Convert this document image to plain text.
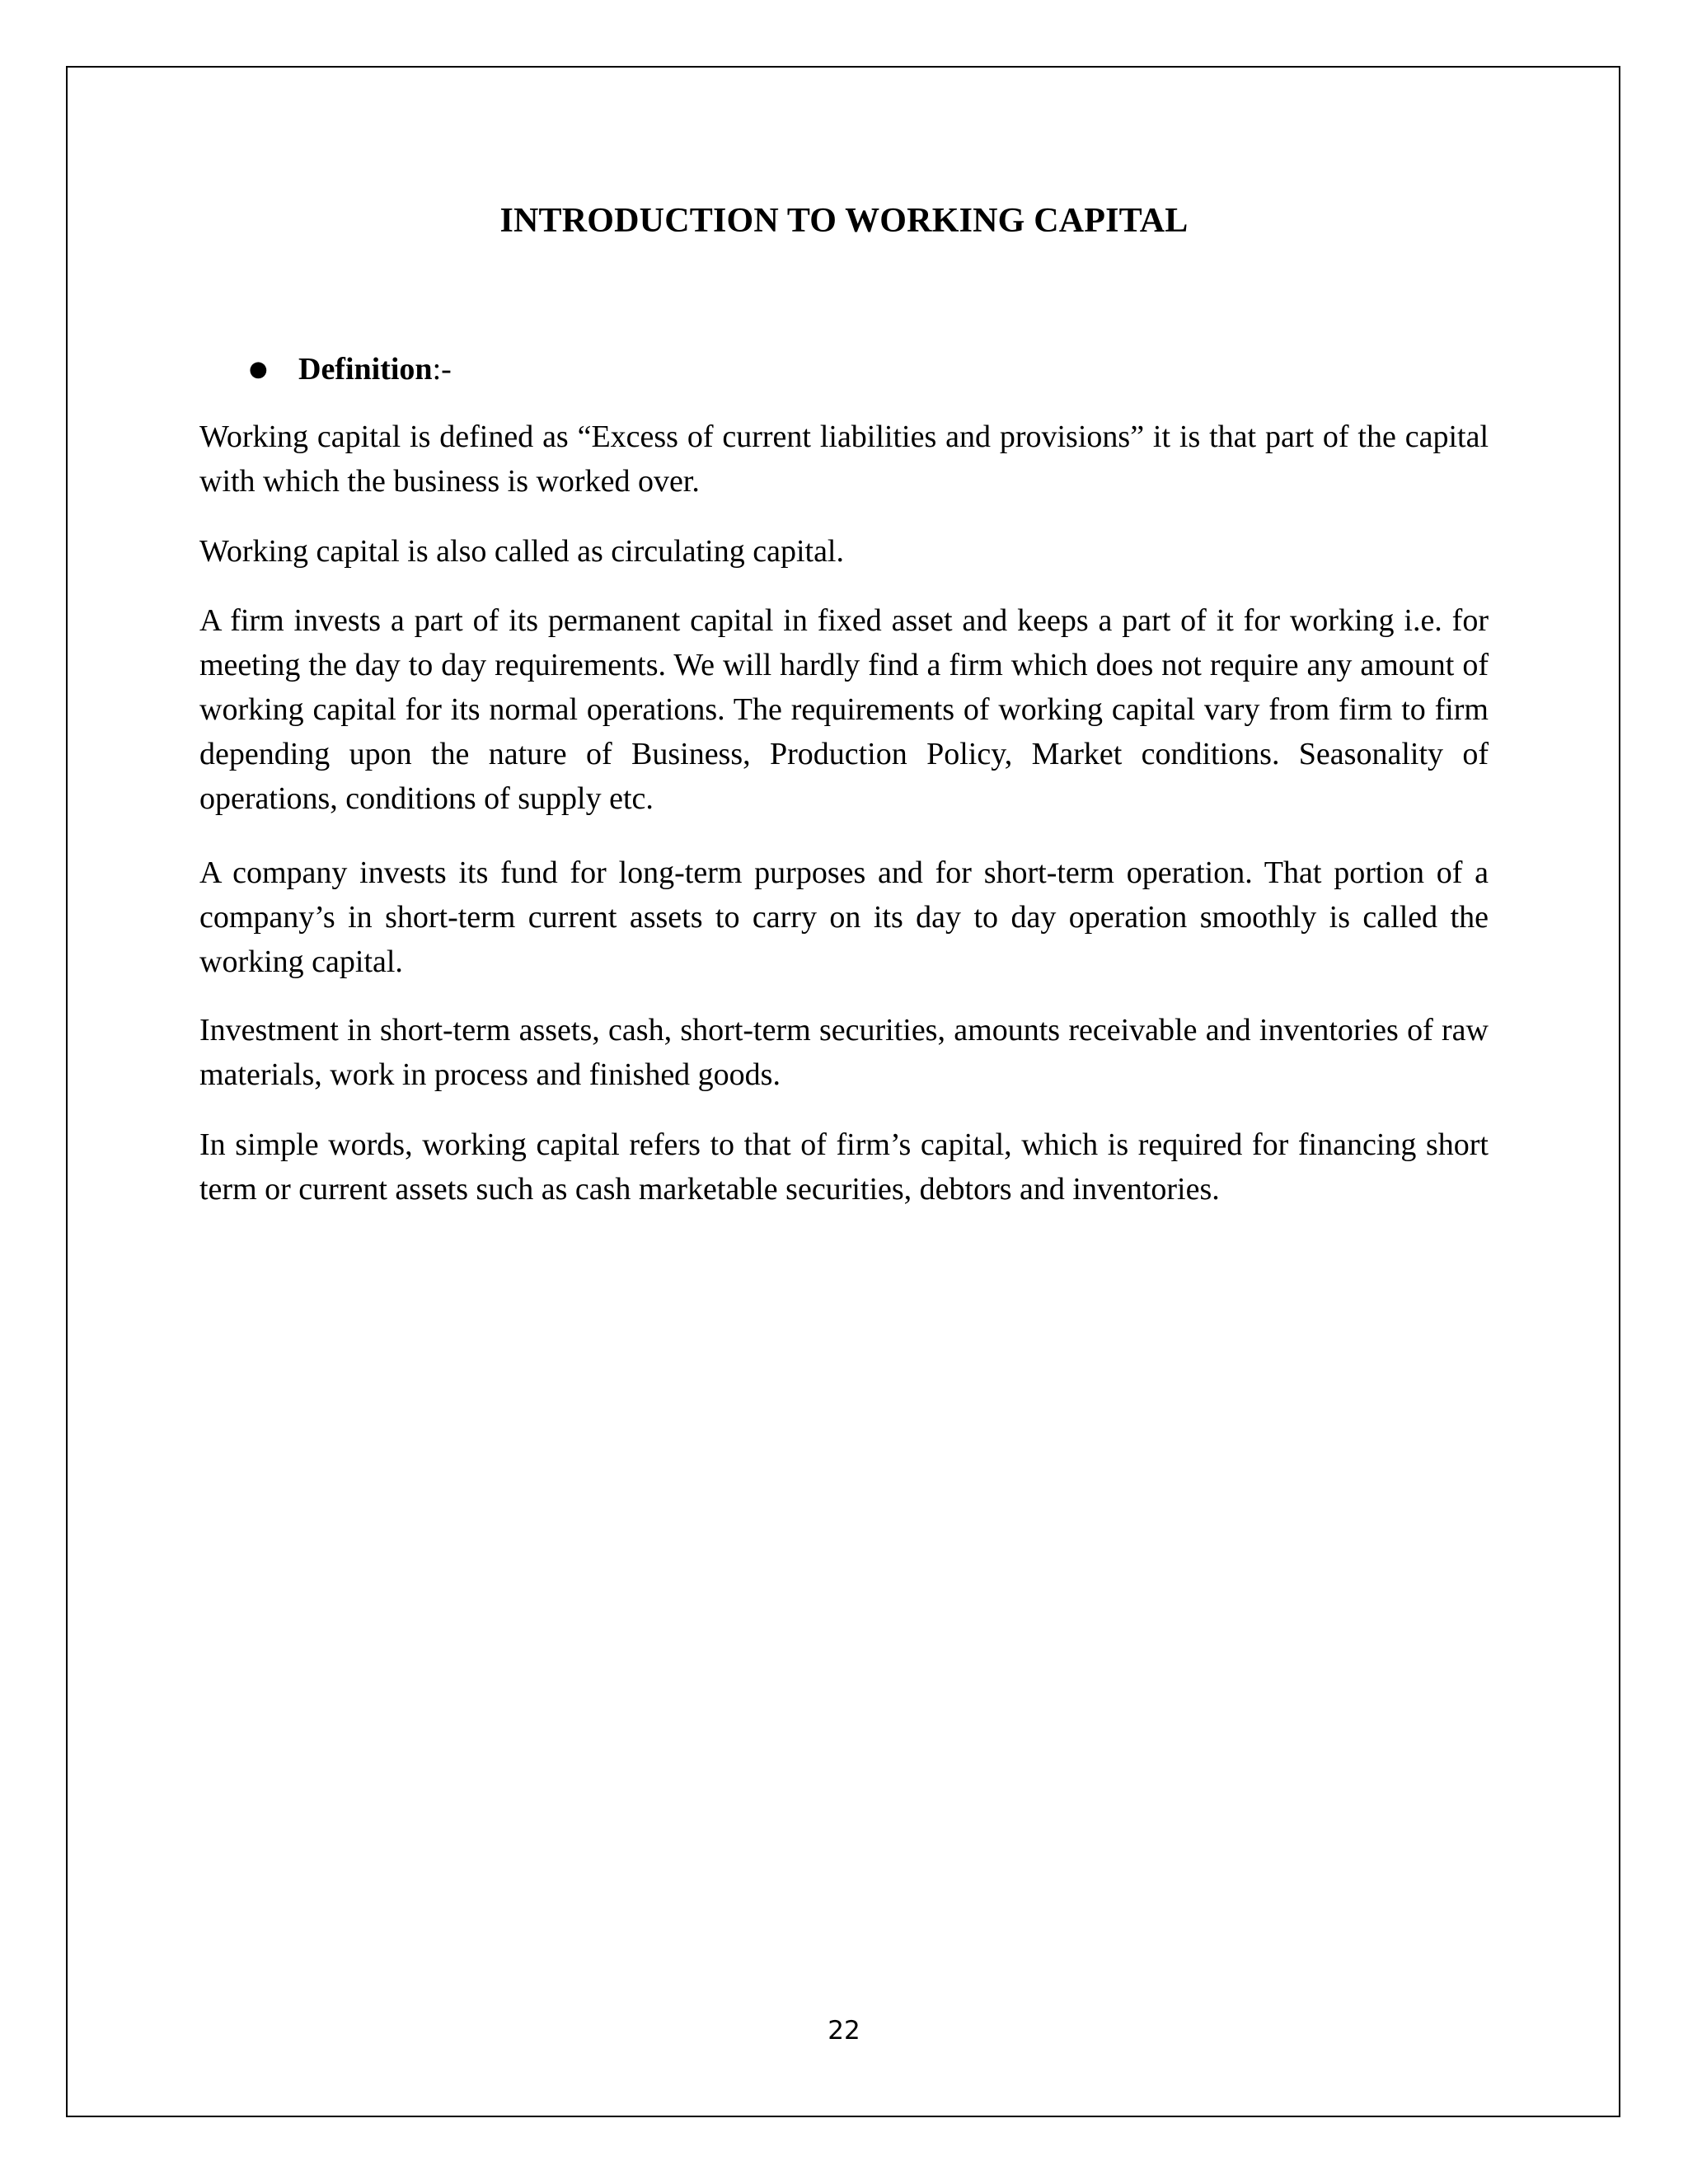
INTRODUCTION TO WORKING CAPITAL
● Definition:-

Working capital is defined as “Excess of current liabilities and provisions” it is that part of the capital with which the business is worked over.

Working capital is also called as circulating capital.

A firm invests a part of its permanent capital in fixed asset and keeps a part of it for working i.e. for meeting the day to day requirements. We will hardly find a firm which does not require any amount of working capital for its normal operations. The requirements of working capital vary from firm to firm depending upon the nature of Business, Production Policy, Market conditions. Seasonality of operations, conditions of supply etc.

A company invests its fund for long-term purposes and for short-term operation. That portion of a company’s in short-term current assets to carry on its day to day operation smoothly is called the working capital.

Investment in short-term assets, cash, short-term securities, amounts receivable and inventories of raw materials, work in process and finished goods.

In simple words, working capital refers to that of firm’s capital, which is required for financing short term or current assets such as cash marketable securities, debtors and inventories.

22
